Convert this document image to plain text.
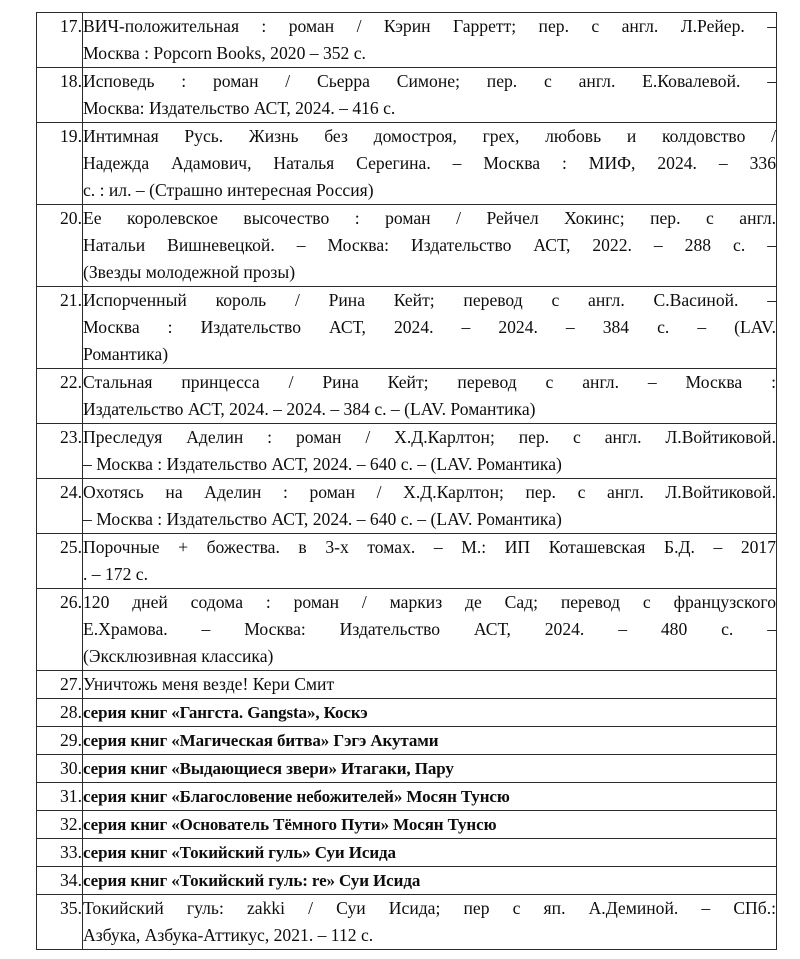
17.	ВИЧ-положительная : роман / Кэрин Гарретт; пер. с англ. Л.Рейер. –
Москва : Popcorn Books, 2020 – 352 с.

18.	Исповедь : роман / Сьерра Симоне; пер. с англ. Е.Ковалевой. –
Москва: Издательство АСТ, 2024. – 416 с.

19.	Интимная Русь. Жизнь без домостроя, грех, любовь и колдовство /
Надежда Адамович, Наталья Серегина. – Москва : МИФ, 2024. – 336
с. : ил. – (Страшно интересная Россия)

20.	Ее королевское высочество : роман / Рейчел Хокинс; пер. с англ.
Натальи Вишневецкой. – Москва: Издательство АСТ, 2022. – 288 с. –
(Звезды молодежной прозы)

21.	Испорченный король / Рина Кейт; перевод с англ. С.Васиной. –
Москва : Издательство АСТ, 2024. – 2024. – 384 с. – (LAV.
Романтика)

22.	Стальная принцесса / Рина Кейт; перевод с англ. – Москва :
Издательство АСТ, 2024. – 2024. – 384 с. – (LAV. Романтика)

23.	Преследуя Аделин : роман / Х.Д.Карлтон; пер. с англ. Л.Войтиковой.
– Москва : Издательство АСТ, 2024. – 640 с. – (LAV. Романтика)

24.	Охотясь на Аделин : роман / Х.Д.Карлтон; пер. с англ. Л.Войтиковой.
– Москва : Издательство АСТ, 2024. – 640 с. – (LAV. Романтика)

25.	Порочные + божества. в 3-х томах. – М.: ИП Коташевская Б.Д. – 2017
. – 172 с.

26.	120 дней содома : роман / маркиз де Сад; перевод с французского
Е.Храмова. – Москва: Издательство АСТ, 2024. – 480 с. –
(Эксклюзивная классика)

27.	Уничтожь меня везде! Кери Смит

28.	серия книг «Гангста. Gangsta», Коскэ

29.	серия книг «Магическая битва» Гэгэ Акутами

30.	серия книг «Выдающиеся звери» Итагаки, Пару

31.	серия книг «Благословение небожителей» Мосян Тунсю

32.	серия книг «Основатель Тёмного Пути» Мосян Тунсю

33.	серия книг «Токийский гуль» Суи Исида

34.	серия книг «Токийский гуль: re» Суи Исида

35.	Токийский гуль: zakki / Суи Исида; пер с яп. А.Деминой. – СПб.:
Азбука, Азбука-Аттикус, 2021. – 112 с.
